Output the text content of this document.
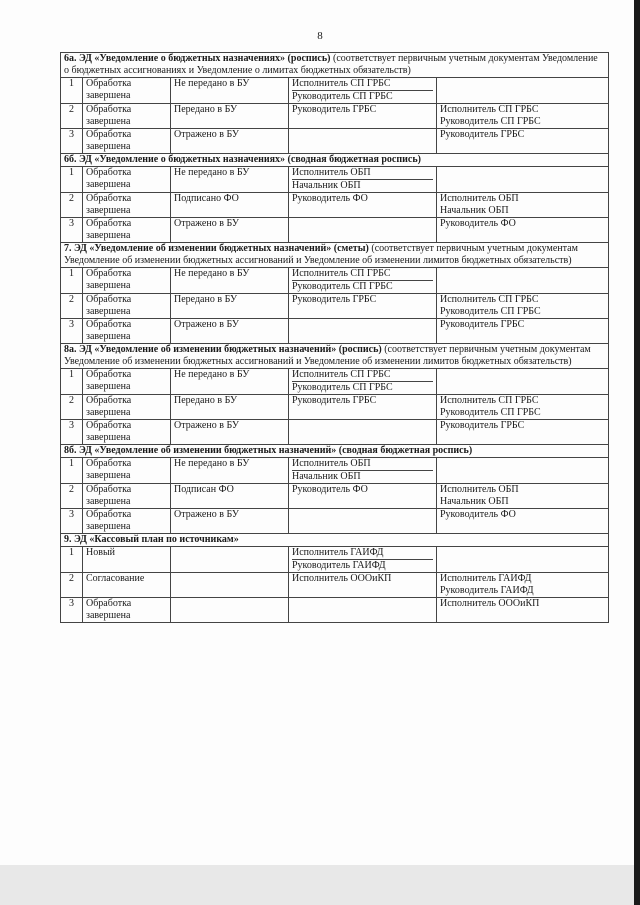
8
6а. ЭД «Уведомление о бюджетных назначениях» (роспись) (соответствует первичным учетным документам Уведомление о бюджетных ассигнованиях и Уведомление о лимитах бюджетных обязательств)				
1	Обработка завершена	Не передано в БУ	Исполнитель СП ГРБС
Руководитель СП ГРБС	

2	Обработка завершена	Передано в БУ	Руководитель ГРБС	Исполнитель СП ГРБС
Руководитель СП ГРБС

3	Обработка завершена	Отражено в БУ		Руководитель ГРБС

6б. ЭД «Уведомление о бюджетных назначениях» (сводная бюджетная роспись)				
1	Обработка завершена	Не передано в БУ	Исполнитель ОБП
Начальник ОБП	

2	Обработка завершена	Подписано ФО	Руководитель ФО	Исполнитель ОБП
Начальник ОБП

3	Обработка завершена	Отражено в БУ		Руководитель ФО

7. ЭД «Уведомление об изменении бюджетных назначений» (сметы) (соответствует первичным учетным документам Уведомление об изменении бюджетных ассигнований и Уведомление об изменении лимитов бюджетных обязательств)				
1	Обработка завершена	Не передано в БУ	Исполнитель СП ГРБС
Руководитель СП ГРБС	

2	Обработка завершена	Передано в БУ	Руководитель ГРБС	Исполнитель СП ГРБС
Руководитель СП ГРБС

3	Обработка завершена	Отражено в БУ		Руководитель ГРБС

8а. ЭД «Уведомление об изменении бюджетных назначений» (роспись) (соответствует первичным учетным документам Уведомление об изменении бюджетных ассигнований и Уведомление об изменении лимитов бюджетных обязательств)				
1	Обработка завершена	Не передано в БУ	Исполнитель СП ГРБС
Руководитель СП ГРБС	

2	Обработка завершена	Передано в БУ	Руководитель ГРБС	Исполнитель СП ГРБС
Руководитель СП ГРБС

3	Обработка завершена	Отражено в БУ		Руководитель ГРБС

8б. ЭД «Уведомление об изменении бюджетных назначений» (сводная бюджетная роспись)				
1	Обработка завершена	Не передано в БУ	Исполнитель ОБП
Начальник ОБП	

2	Обработка завершена	Подписан ФО	Руководитель ФО	Исполнитель ОБП
Начальник ОБП

3	Обработка завершена	Отражено в БУ		Руководитель ФО

9. ЭД «Кассовый план по источникам»				
1	Новый		Исполнитель ГАИФД
Руководитель ГАИФД	

2	Согласование		Исполнитель ОООиКП	Исполнитель ГАИФД
Руководитель ГАИФД

3	Обработка завершена			Исполнитель ОООиКП
